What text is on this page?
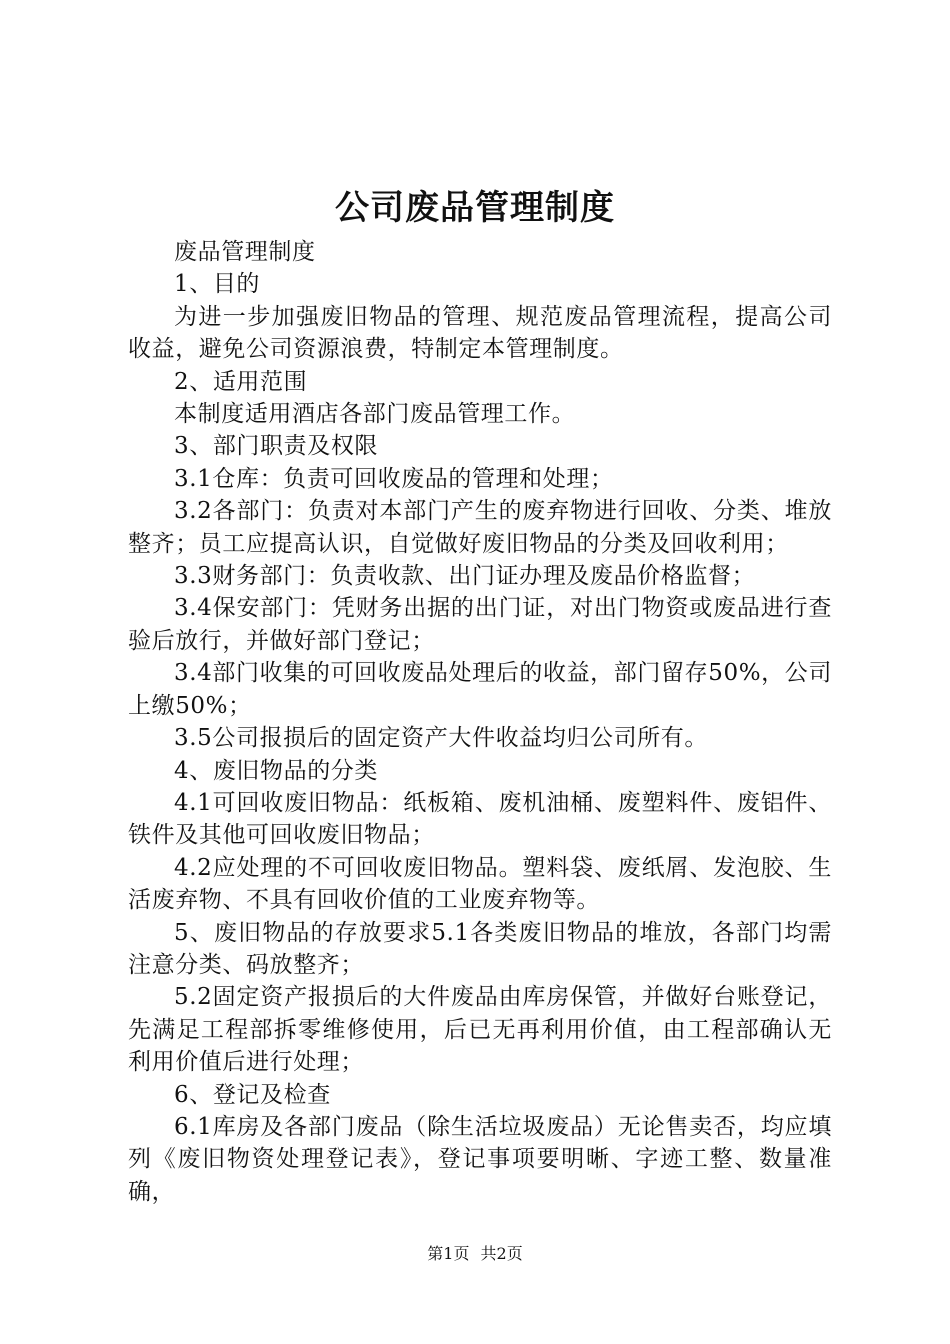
公司废品管理制度

废品管理制度

1、目的

为进一步加强废旧物品的管理、规范废品管理流程，提高公司收益，避免公司资源浪费，特制定本管理制度。

2、适用范围

本制度适用酒店各部门废品管理工作。

3、部门职责及权限

3.1仓库：负责可回收废品的管理和处理；

3.2各部门：负责对本部门产生的废弃物进行回收、分类、堆放整齐；员工应提高认识，自觉做好废旧物品的分类及回收利用；

3.3财务部门：负责收款、出门证办理及废品价格监督；

3.4保安部门：凭财务出据的出门证，对出门物资或废品进行查验后放行，并做好部门登记；

3.4部门收集的可回收废品处理后的收益，部门留存50%，公司上缴50%；

3.5公司报损后的固定资产大件收益均归公司所有。

4、废旧物品的分类

4.1可回收废旧物品：纸板箱、废机油桶、废塑料件、废铝件、铁件及其他可回收废旧物品；

4.2应处理的不可回收废旧物品。塑料袋、废纸屑、发泡胶、生活废弃物、不具有回收价值的工业废弃物等。

5、废旧物品的存放要求5.1各类废旧物品的堆放，各部门均需注意分类、码放整齐；

5.2固定资产报损后的大件废品由库房保管，并做好台账登记，先满足工程部拆零维修使用，后已无再利用价值，由工程部确认无利用价值后进行处理；

6、登记及检查

6.1库房及各部门废品（除生活垃圾废品）无论售卖否，均应填列《废旧物资处理登记表》，登记事项要明晰、字迹工整、数量准确，

第1页 共2页
